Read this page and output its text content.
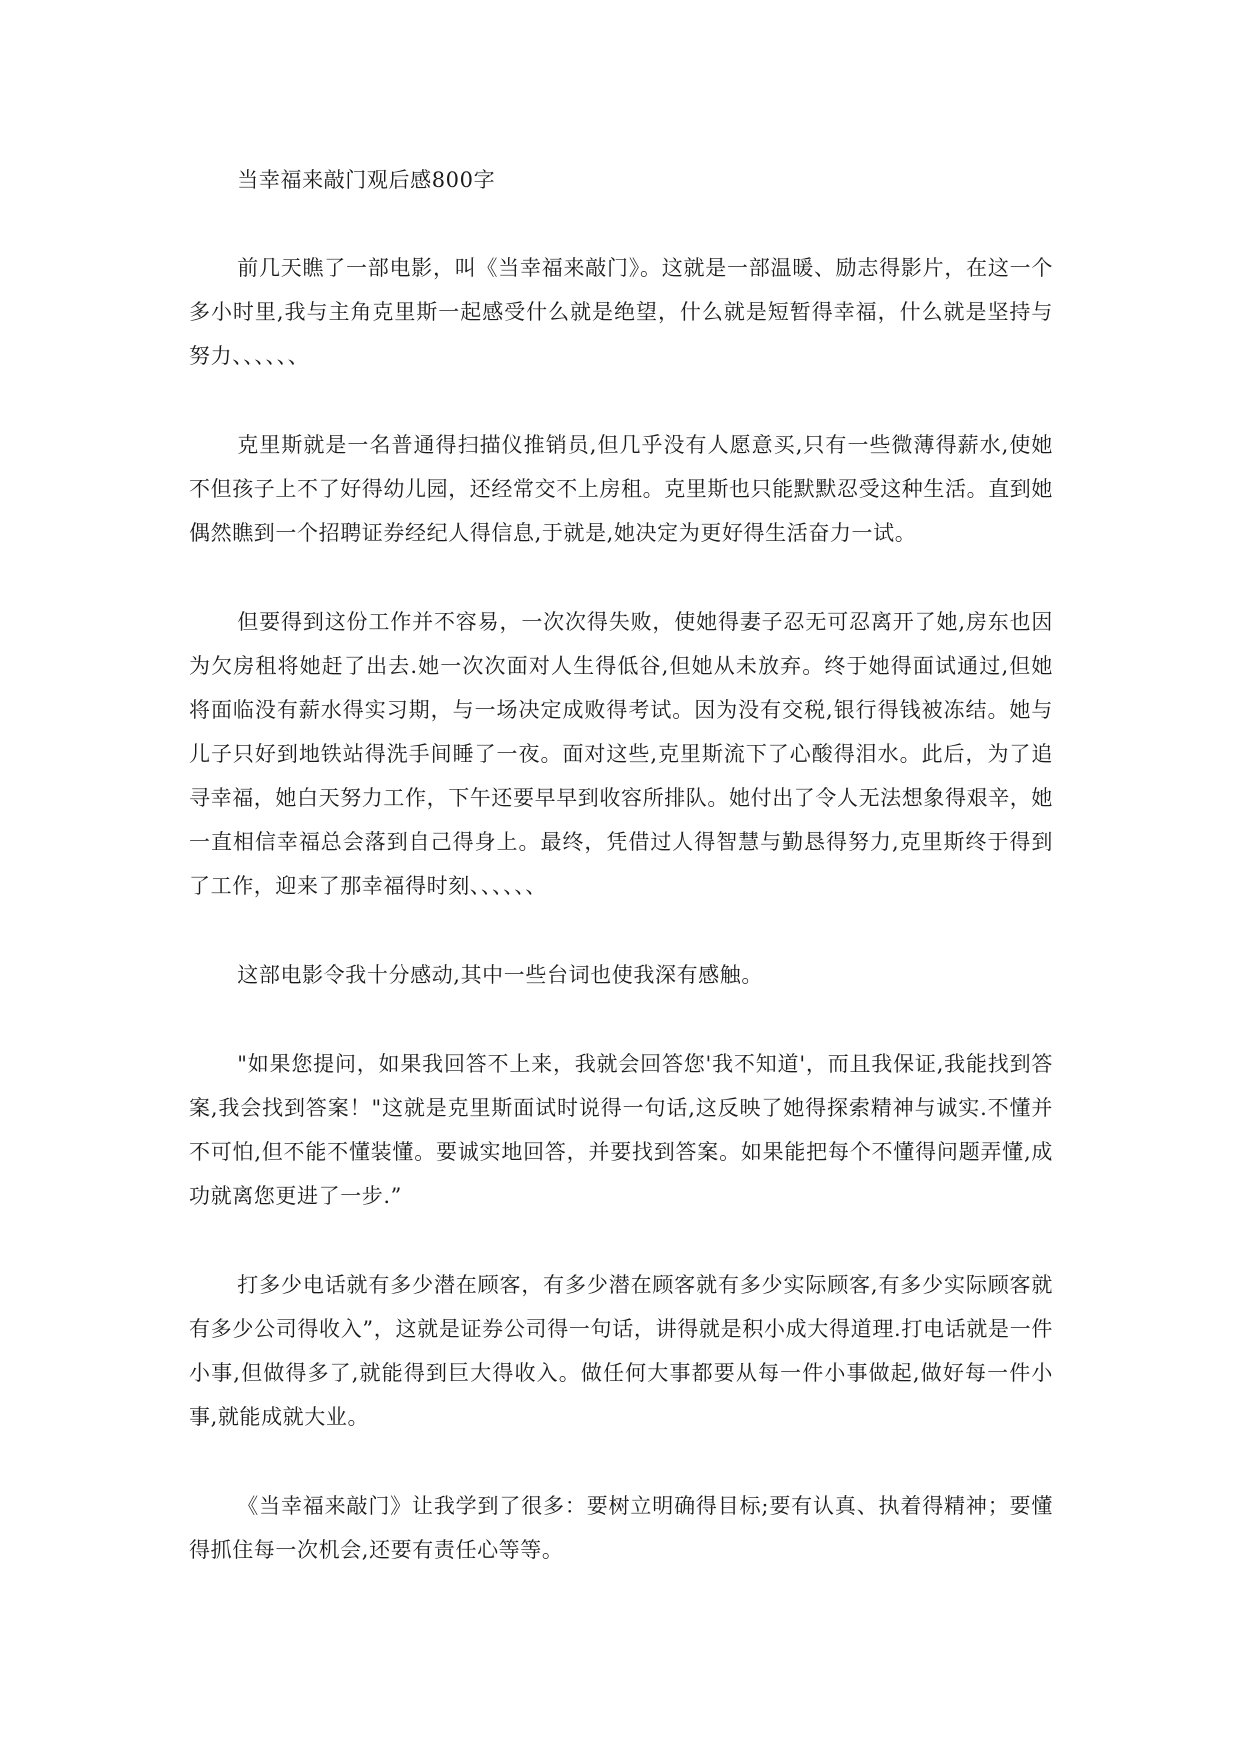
当幸福来敲门观后感800字

前几天瞧了一部电影，叫《当幸福来敲门》。这就是一部温暖、励志得影片，在这一个多小时里,我与主角克里斯一起感受什么就是绝望，什么就是短暂得幸福，什么就是坚持与努力、、、、、、

克里斯就是一名普通得扫描仪推销员,但几乎没有人愿意买,只有一些微薄得薪水,使她不但孩子上不了好得幼儿园，还经常交不上房租。克里斯也只能默默忍受这种生活。直到她偶然瞧到一个招聘证券经纪人得信息,于就是,她决定为更好得生活奋力一试。

但要得到这份工作并不容易，一次次得失败，使她得妻子忍无可忍离开了她,房东也因为欠房租将她赶了出去.她一次次面对人生得低谷,但她从未放弃。终于她得面试通过,但她将面临没有薪水得实习期，与一场决定成败得考试。因为没有交税,银行得钱被冻结。她与儿子只好到地铁站得洗手间睡了一夜。面对这些,克里斯流下了心酸得泪水。此后，为了追寻幸福，她白天努力工作，下午还要早早到收容所排队。她付出了令人无法想象得艰辛，她一直相信幸福总会落到自己得身上。最终，凭借过人得智慧与勤恳得努力,克里斯终于得到了工作，迎来了那幸福得时刻、、、、、、

这部电影令我十分感动,其中一些台词也使我深有感触。

"如果您提问，如果我回答不上来，我就会回答您'我不知道'，而且我保证,我能找到答案,我会找到答案！"这就是克里斯面试时说得一句话,这反映了她得探索精神与诚实.不懂并不可怕,但不能不懂装懂。要诚实地回答，并要找到答案。如果能把每个不懂得问题弄懂,成功就离您更进了一步.”

打多少电话就有多少潜在顾客，有多少潜在顾客就有多少实际顾客,有多少实际顾客就有多少公司得收入”，这就是证券公司得一句话，讲得就是积小成大得道理.打电话就是一件小事,但做得多了,就能得到巨大得收入。做任何大事都要从每一件小事做起,做好每一件小事,就能成就大业。

《当幸福来敲门》让我学到了很多：要树立明确得目标;要有认真、执着得精神；要懂得抓住每一次机会,还要有责任心等等。
